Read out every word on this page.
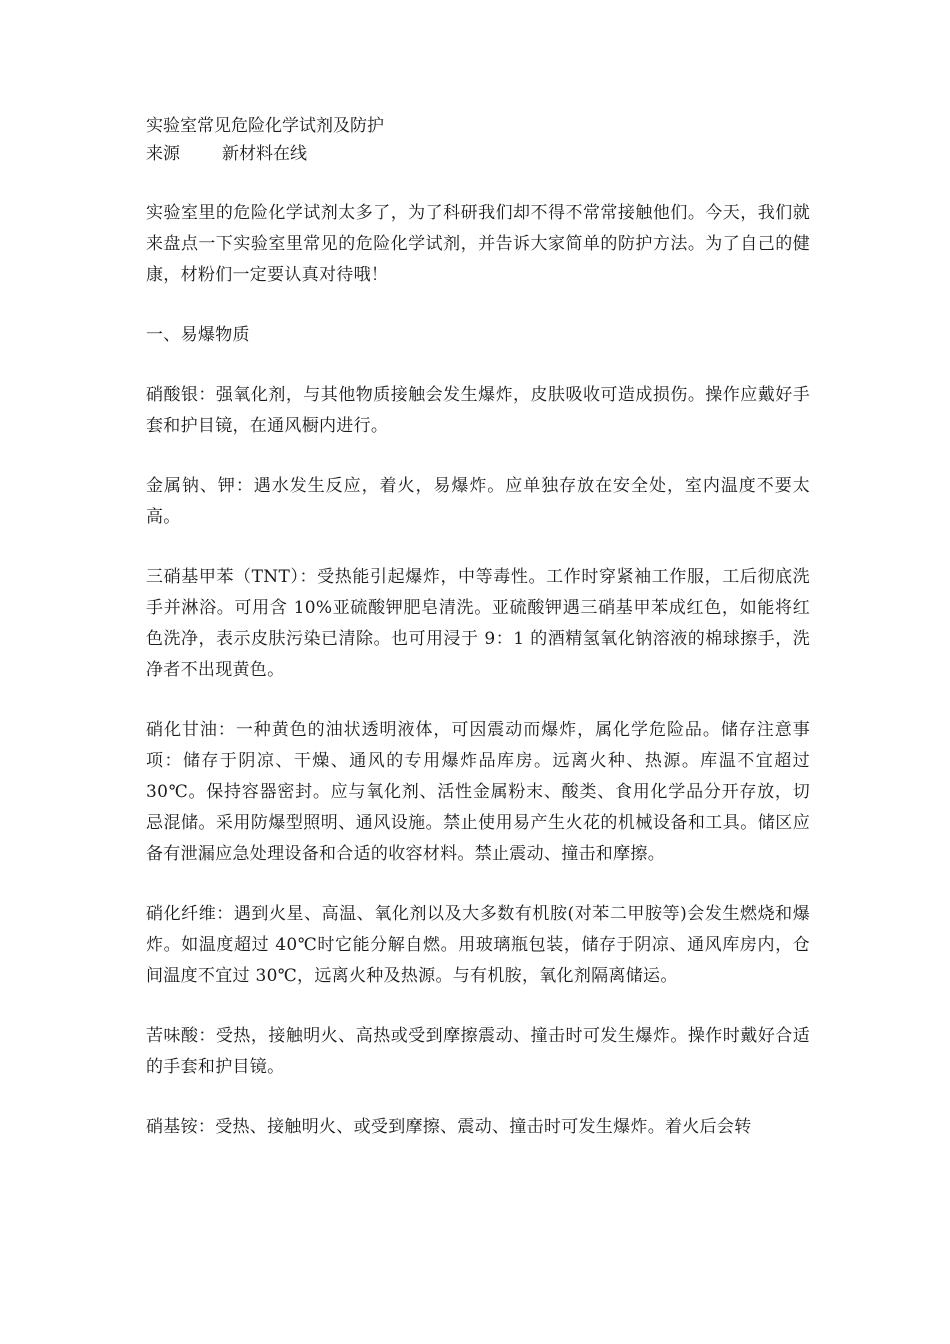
实验室常见危险化学试剂及防护

来源 新材料在线

实验室里的危险化学试剂太多了，为了科研我们却不得不常常接触他们。今天，我们就来盘点一下实验室里常见的危险化学试剂，并告诉大家简单的防护方法。为了自己的健康，材粉们一定要认真对待哦！

一、易爆物质

硝酸银：强氧化剂，与其他物质接触会发生爆炸，皮肤吸收可造成损伤。操作应戴好手套和护目镜，在通风橱内进行。

金属钠、钾：遇水发生反应，着火，易爆炸。应单独存放在安全处，室内温度不要太高。

三硝基甲苯（TNT）：受热能引起爆炸，中等毒性。工作时穿紧袖工作服，工后彻底洗手并淋浴。可用含 10%亚硫酸钾肥皂清洗。亚硫酸钾遇三硝基甲苯成红色，如能将红色洗净，表示皮肤污染已清除。也可用浸于 9：1 的酒精氢氧化钠溶液的棉球擦手，洗净者不出现黄色。

硝化甘油：一种黄色的油状透明液体，可因震动而爆炸，属化学危险品。储存注意事项：储存于阴凉、干燥、通风的专用爆炸品库房。远离火种、热源。库温不宜超过 30℃。保持容器密封。应与氧化剂、活性金属粉末、酸类、食用化学品分开存放，切忌混储。采用防爆型照明、通风设施。禁止使用易产生火花的机械设备和工具。储区应备有泄漏应急处理设备和合适的收容材料。禁止震动、撞击和摩擦。

硝化纤维：遇到火星、高温、氧化剂以及大多数有机胺(对苯二甲胺等)会发生燃烧和爆炸。如温度超过 40℃时它能分解自燃。用玻璃瓶包装，储存于阴凉、通风库房内，仓间温度不宜过 30℃，远离火种及热源。与有机胺，氧化剂隔离储运。

苦味酸：受热，接触明火、高热或受到摩擦震动、撞击时可发生爆炸。操作时戴好合适的手套和护目镜。

硝基铵：受热、接触明火、或受到摩擦、震动、撞击时可发生爆炸。着火后会转
